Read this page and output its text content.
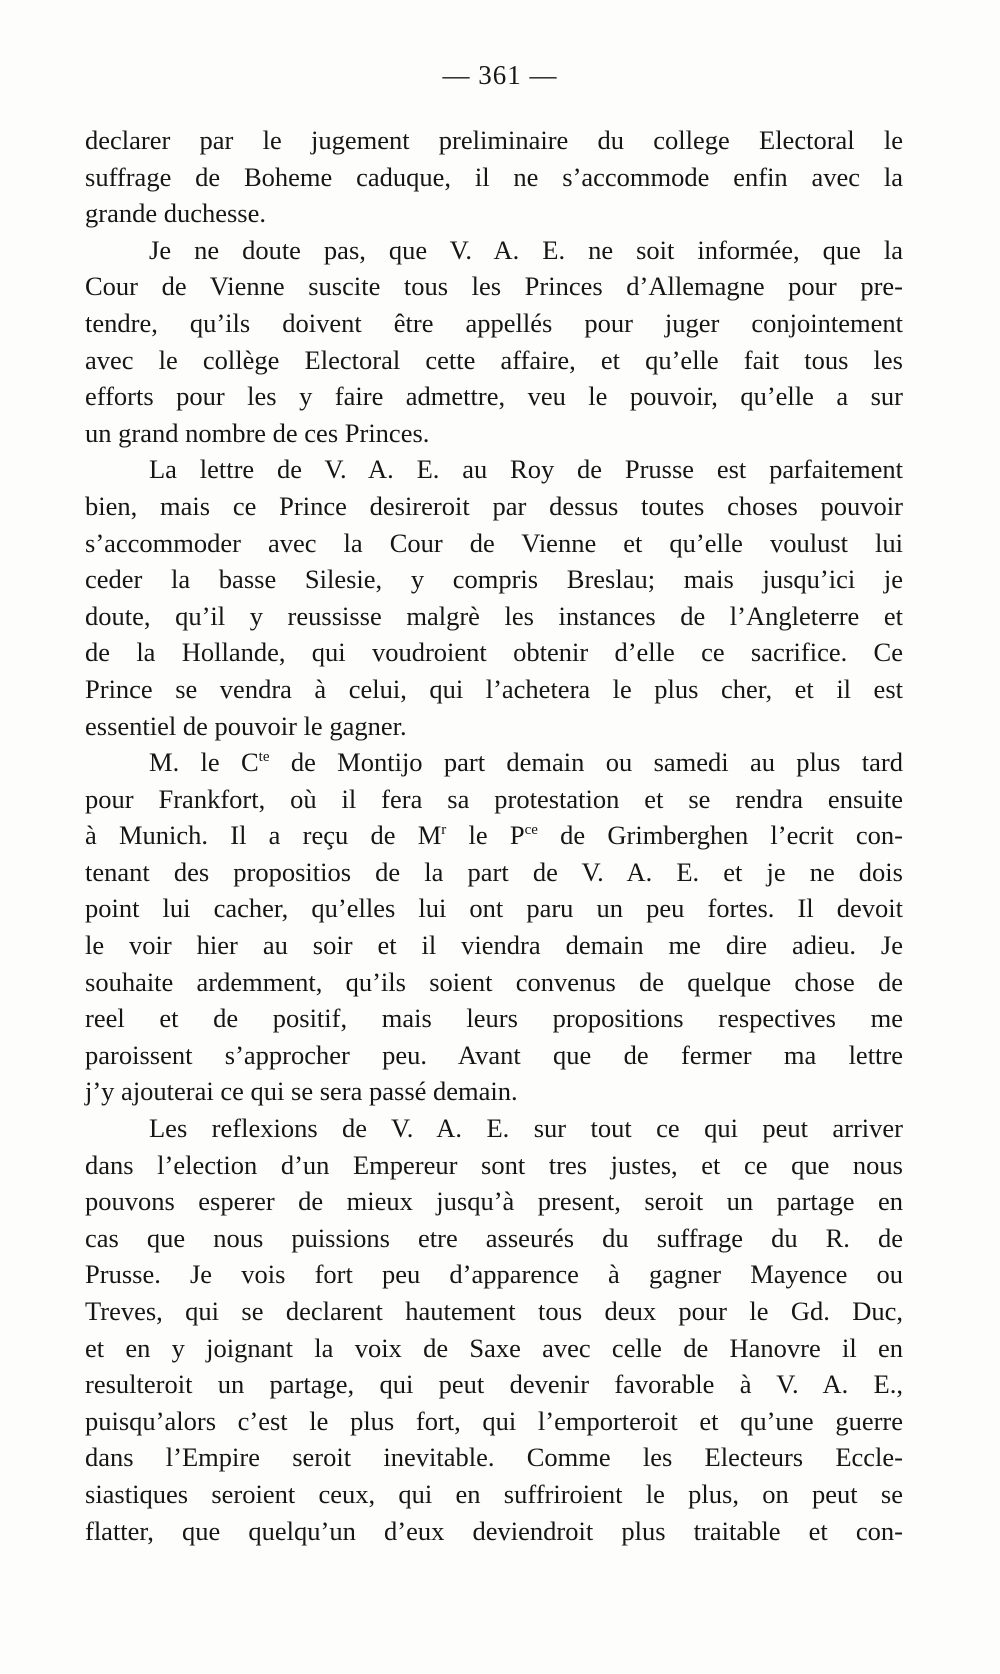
— 361 —
declarer par le jugement preliminaire du college Electoral le
suffrage de Boheme caduque, il ne s’accommode enfin avec la
grande duchesse.
Je ne doute pas, que V. A. E. ne soit informée, que la
Cour de Vienne suscite tous les Princes d’Allemagne pour pre-
tendre, qu’ils doivent être appellés pour juger conjointement
avec le collège Electoral cette affaire, et qu’elle fait tous les
efforts pour les y faire admettre, veu le pouvoir, qu’elle a sur
un grand nombre de ces Princes.
La lettre de V. A. E. au Roy de Prusse est parfaitement
bien, mais ce Prince desireroit par dessus toutes choses pouvoir
s’accommoder avec la Cour de Vienne et qu’elle voulust lui
ceder la basse Silesie, y compris Breslau; mais jusqu’ici je
doute, qu’il y reussisse malgrè les instances de l’Angleterre et
de la Hollande, qui voudroient obtenir d’elle ce sacrifice. Ce
Prince se vendra à celui, qui l’achetera le plus cher, et il est
essentiel de pouvoir le gagner.
M. le $C^{te}$ de Montijo part demain ou samedi au plus tard
pour Frankfort, où il fera sa protestation et se rendra ensuite
à Munich. Il a reçu de $M^r$ le $P^{ce}$ de Grimberghen l’ecrit con-
tenant des propositios de la part de V. A. E. et je ne dois
point lui cacher, qu’elles lui ont paru un peu fortes. Il devoit
le voir hier au soir et il viendra demain me dire adieu. Je
souhaite ardemment, qu’ils soient convenus de quelque chose de
reel et de positif, mais leurs propositions respectives me
paroissent s’approcher peu. Avant que de fermer ma lettre
j’y ajouterai ce qui se sera passé demain.
Les reflexions de V. A. E. sur tout ce qui peut arriver
dans l’election d’un Empereur sont tres justes, et ce que nous
pouvons esperer de mieux jusqu’à present, seroit un partage en
cas que nous puissions etre asseurés du suffrage du R. de
Prusse. Je vois fort peu d’apparence à gagner Mayence ou
Treves, qui se declarent hautement tous deux pour le Gd. Duc,
et en y joignant la voix de Saxe avec celle de Hanovre il en
resulteroit un partage, qui peut devenir favorable à V. A. E.,
puisqu’alors c’est le plus fort, qui l’emporteroit et qu’une guerre
dans l’Empire seroit inevitable. Comme les Electeurs Eccle-
siastiques seroient ceux, qui en suffriroient le plus, on peut se
flatter, que quelqu’un d’eux deviendroit plus traitable et con-
